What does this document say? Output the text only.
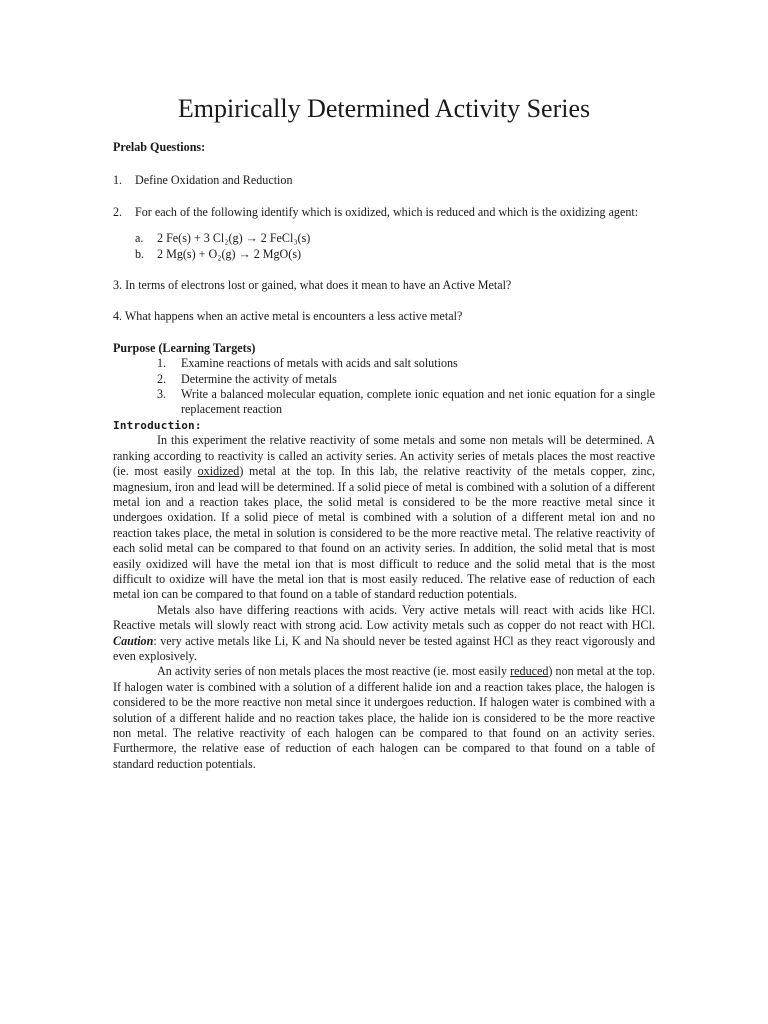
Empirically Determined Activity Series

Prelab Questions:

1.	Define Oxidation and Reduction
2.	For each of the following identify which is oxidized, which is reduced and which is the oxidizing agent:
a.	2 Fe(s) + 3 Cl₂(g) → 2 FeCl₃(s)
b.	2 Mg(s) + O₂(g) → 2 MgO(s)

3. In terms of electrons lost or gained, what does it mean to have an Active Metal?

4. What happens when an active metal is encounters a less active metal?

Purpose (Learning Targets)

1.	Examine reactions of metals with acids and salt solutions
2.	Determine the activity of metals
3.	Write a balanced molecular equation, complete ionic equation and net ionic equation for a single replacement reaction

Introduction:

In this experiment the relative reactivity of some metals and some non metals will be determined. A ranking according to reactivity is called an activity series. An activity series of metals places the most reactive (ie. most easily oxidized) metal at the top. In this lab, the relative reactivity of the metals copper, zinc, magnesium, iron and lead will be determined. If a solid piece of metal is combined with a solution of a different metal ion and a reaction takes place, the solid metal is considered to be the more reactive metal since it undergoes oxidation. If a solid piece of metal is combined with a solution of a different metal ion and no reaction takes place, the metal in solution is considered to be the more reactive metal. The relative reactivity of each solid metal can be compared to that found on an activity series. In addition, the solid metal that is most easily oxidized will have the metal ion that is most difficult to reduce and the solid metal that is the most difficult to oxidize will have the metal ion that is most easily reduced. The relative ease of reduction of each metal ion can be compared to that found on a table of standard reduction potentials.

Metals also have differing reactions with acids. Very active metals will react with acids like HCl. Reactive metals will slowly react with strong acid. Low activity metals such as copper do not react with HCl. Caution: very active metals like Li, K and Na should never be tested against HCl as they react vigorously and even explosively.

An activity series of non metals places the most reactive (ie. most easily reduced) non metal at the top. If halogen water is combined with a solution of a different halide ion and a reaction takes place, the halogen is considered to be the more reactive non metal since it undergoes reduction. If halogen water is combined with a solution of a different halide and no reaction takes place, the halide ion is considered to be the more reactive non metal. The relative reactivity of each halogen can be compared to that found on an activity series. Furthermore, the relative ease of reduction of each halogen can be compared to that found on a table of standard reduction potentials.
